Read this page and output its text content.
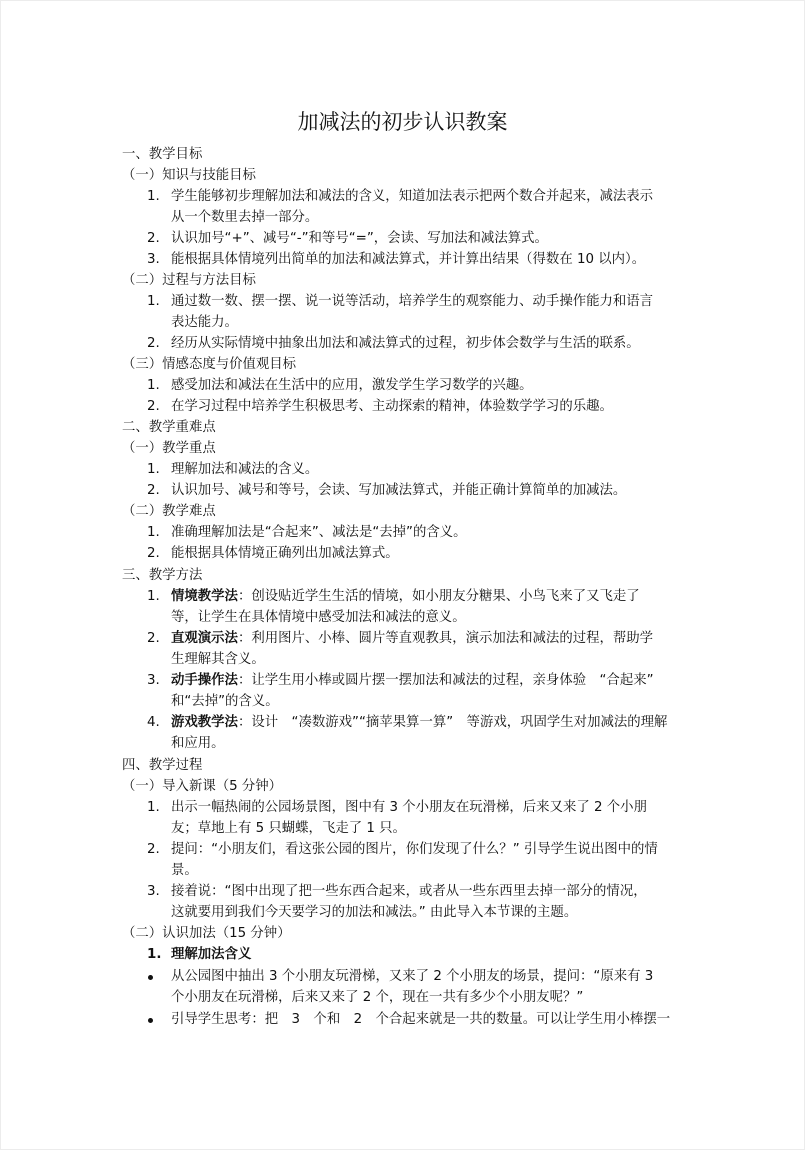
加减法的初步认识教案
一、教学目标
（一）知识与技能目标
1. 学生能够初步理解加法和减法的含义，知道加法表示把两个数合并起来，减法表示
从一个数里去掉一部分。
2. 认识加号“+”、减号“-”和等号“=”，会读、写加法和减法算式。
3. 能根据具体情境列出简单的加法和减法算式，并计算出结果（得数在 10 以内）。
（二）过程与方法目标
1. 通过数一数、摆一摆、说一说等活动，培养学生的观察能力、动手操作能力和语言
表达能力。
2. 经历从实际情境中抽象出加法和减法算式的过程，初步体会数学与生活的联系。
（三）情感态度与价值观目标
1. 感受加法和减法在生活中的应用，激发学生学习数学的兴趣。
2. 在学习过程中培养学生积极思考、主动探索的精神，体验数学学习的乐趣。
二、教学重难点
（一）教学重点
1. 理解加法和减法的含义。
2. 认识加号、减号和等号，会读、写加减法算式，并能正确计算简单的加减法。
（二）教学难点
1. 准确理解加法是“合起来”、减法是“去掉”的含义。
2. 能根据具体情境正确列出加减法算式。
三、教学方法
1. 情境教学法：创设贴近学生生活的情境，如小朋友分糖果、小鸟飞来了又飞走了
等，让学生在具体情境中感受加法和减法的意义。
2. 直观演示法：利用图片、小棒、圆片等直观教具，演示加法和减法的过程，帮助学
生理解其含义。
3. 动手操作法：让学生用小棒或圆片摆一摆加法和减法的过程，亲身体验　“合起来”
和“去掉”的含义。
4. 游戏教学法：设计　“凑数游戏”“摘苹果算一算”　等游戏，巩固学生对加减法的理解
和应用。
四、教学过程
（一）导入新课（5 分钟）
1. 出示一幅热闹的公园场景图，图中有 3 个小朋友在玩滑梯，后来又来了 2 个小朋
友；草地上有 5 只蝴蝶，飞走了 1 只。
2. 提问：“小朋友们，看这张公园的图片，你们发现了什么？” 引导学生说出图中的情
景。
3. 接着说：“图中出现了把一些东西合起来，或者从一些东西里去掉一部分的情况，
这就要用到我们今天要学习的加法和减法。” 由此导入本节课的主题。
（二）认识加法（15 分钟）
1. 理解加法含义
从公园图中抽出 3 个小朋友玩滑梯，又来了 2 个小朋友的场景，提问：“原来有 3
个小朋友在玩滑梯，后来又来了 2 个，现在一共有多少个小朋友呢？”
引导学生思考：把　3　个和　2　个合起来就是一共的数量。可以让学生用小棒摆一
